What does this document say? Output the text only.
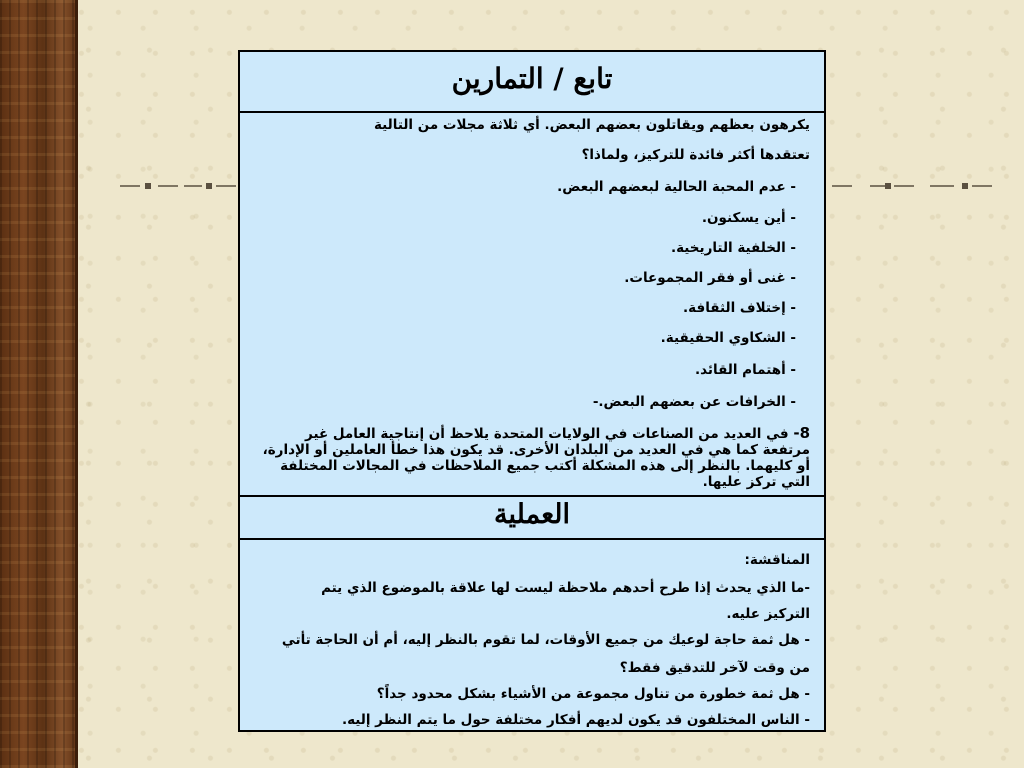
تابع / التمارين
يكرهون بعظهم ويقاتلون بعضهم البعض. أي ثلاثة مجلات من التالية
تعتقدها أكثر فائدة للتركيز، ولماذا؟
- عدم المحبة الحالية لبعضهم البعض.
- أين يسكنون.
- الخلفية التاريخية.
- غنى أو فقر المجموعات.
- إختلاف الثقافة.
- الشكاوي الحقيقية.
- أهتمام القائد.
- الخرافات عن بعضهم البعض.-
8- في العديد من الصناعات في الولايات المتحدة يلاحظ أن إنتاجية العامل غير مرتفعة كما هي في العديد من البلدان الأخرى. قد يكون هذا خطأ العاملين أو الإدارة، أو كليهما. بالنظر إلى هذه المشكلة أكتب جميع الملاحظات في المجالات المختلفة التي تركز عليها.
العملية
المناقشة:
-ما الذي يحدث إذا طرح أحدهم ملاحظة ليست لها علاقة بالموضوع الذي يتم
التركيز عليه.
- هل ثمة حاجة لوعيك من جميع الأوقات، لما تقوم بالنظر إليه، أم أن الحاجة تأتي
من وقت لآخر للتدقيق فقط؟
- هل ثمة خطورة من تناول مجموعة من الأشياء بشكل محدود جداً؟
- الناس المختلفون قد يكون لديهم أفكار مختلفة حول ما يتم النظر إليه.
